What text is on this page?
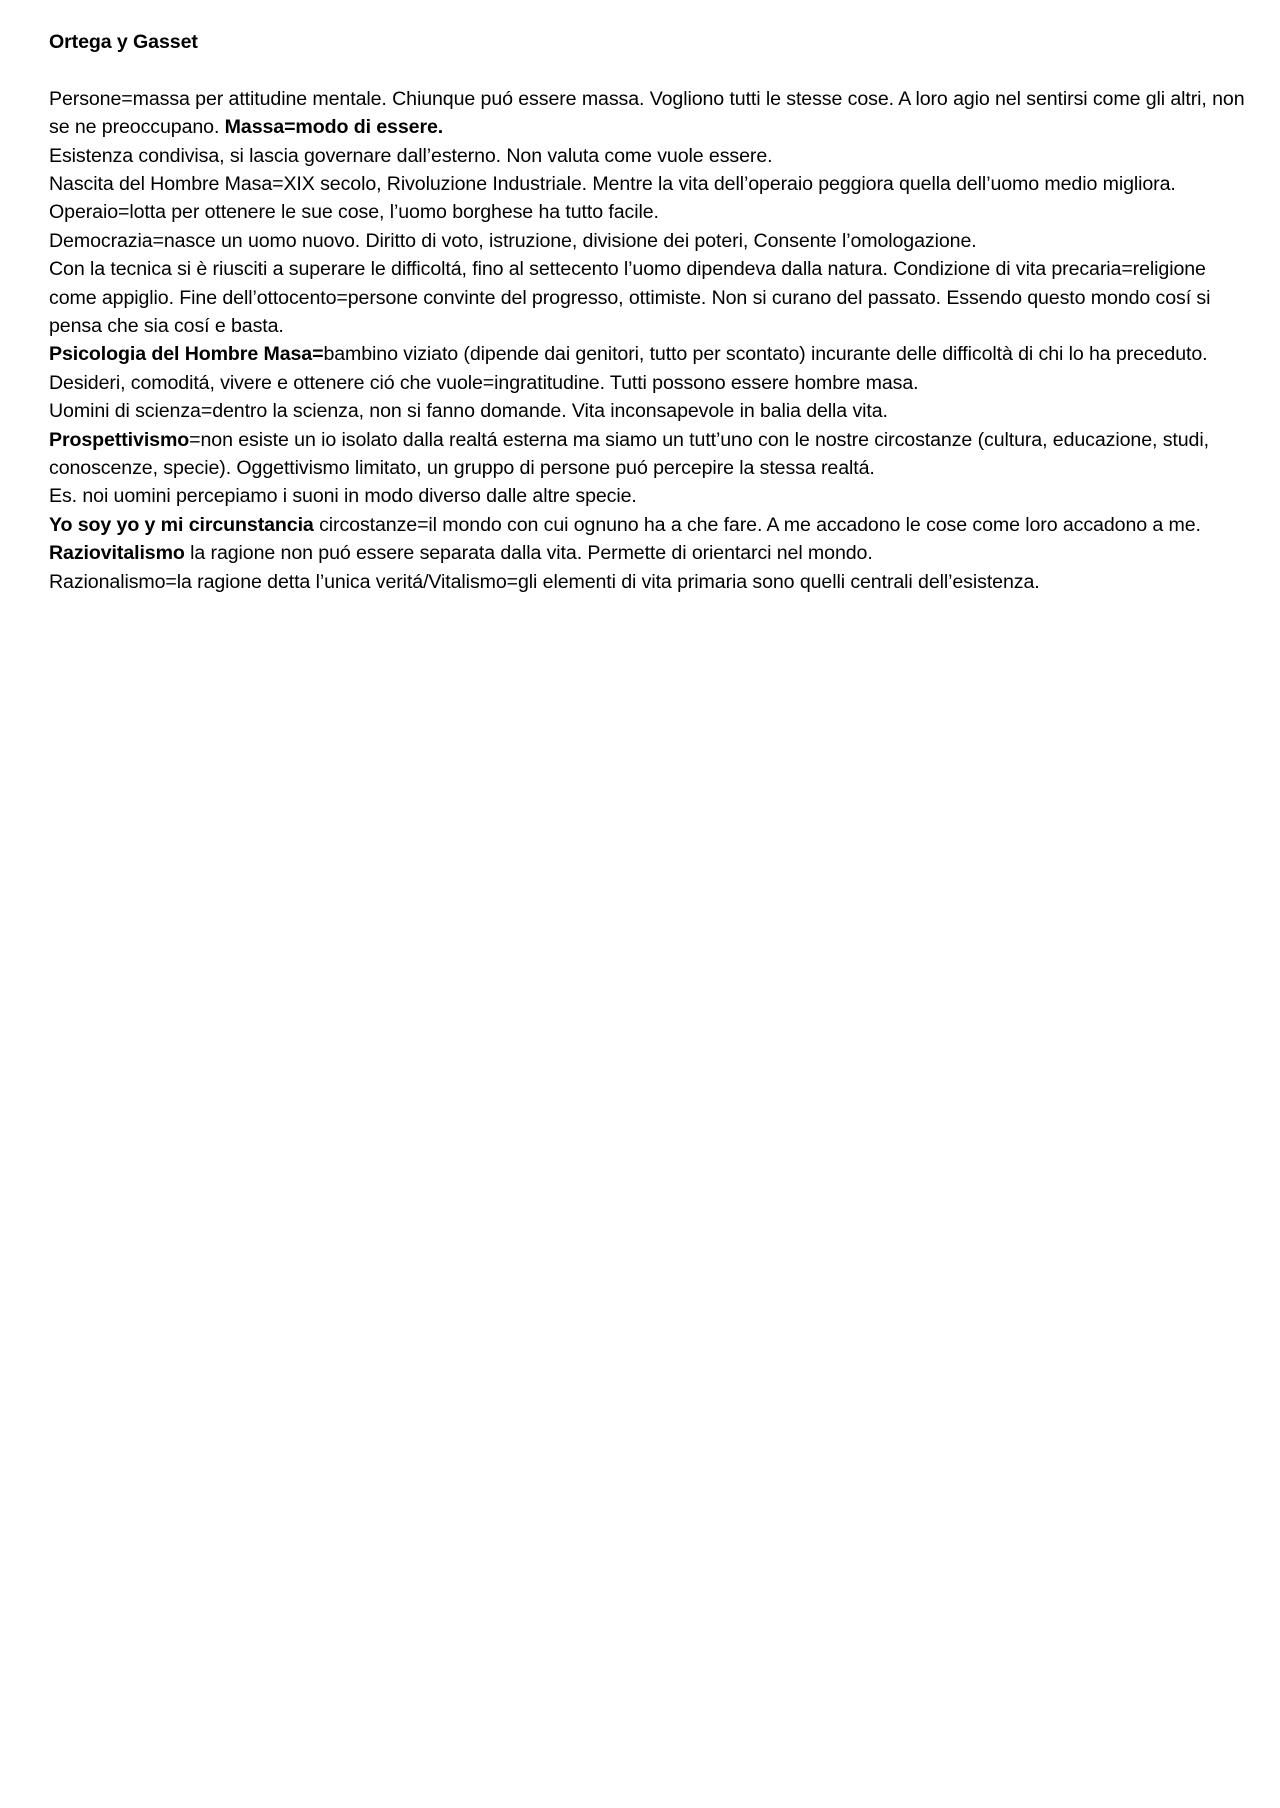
Ortega y Gasset

Persone=massa per attitudine mentale. Chiunque puó essere massa. Vogliono tutti le stesse cose. A loro agio nel sentirsi come gli altri, non se ne preoccupano. Massa=modo di essere.

Esistenza condivisa, si lascia governare dall’esterno. Non valuta come vuole essere.

Nascita del Hombre Masa=XIX secolo, Rivoluzione Industriale. Mentre la vita dell’operaio peggiora quella dell’uomo medio migliora. Operaio=lotta per ottenere le sue cose, l’uomo borghese ha tutto facile.

Democrazia=nasce un uomo nuovo. Diritto di voto, istruzione, divisione dei poteri, Consente l’omologazione.

Con la tecnica si è riusciti a superare le difficoltá, fino al settecento l’uomo dipendeva dalla natura. Condizione di vita precaria=religione come appiglio. Fine dell’ottocento=persone convinte del progresso, ottimiste. Non si curano del passato. Essendo questo mondo cosí si pensa che sia cosí e basta.

Psicologia del Hombre Masa=bambino viziato (dipende dai genitori, tutto per scontato) incurante delle difficoltà di chi lo ha preceduto. Desideri, comoditá, vivere e ottenere ció che vuole=ingratitudine. Tutti possono essere hombre masa.

Uomini di scienza=dentro la scienza, non si fanno domande. Vita inconsapevole in balia della vita.

Prospettivismo=non esiste un io isolato dalla realtá esterna ma siamo un tutt’uno con le nostre circostanze (cultura, educazione, studi, conoscenze, specie). Oggettivismo limitato, un gruppo di persone puó percepire la stessa realtá.

Es. noi uomini percepiamo i suoni in modo diverso dalle altre specie.

Yo soy yo y mi circunstancia circostanze=il mondo con cui ognuno ha a che fare. A me accadono le cose come loro accadono a me.

Raziovitalismo la ragione non puó essere separata dalla vita. Permette di orientarci nel mondo.

Razionalismo=la ragione detta l’unica veritá/Vitalismo=gli elementi di vita primaria sono quelli centrali dell’esistenza.
